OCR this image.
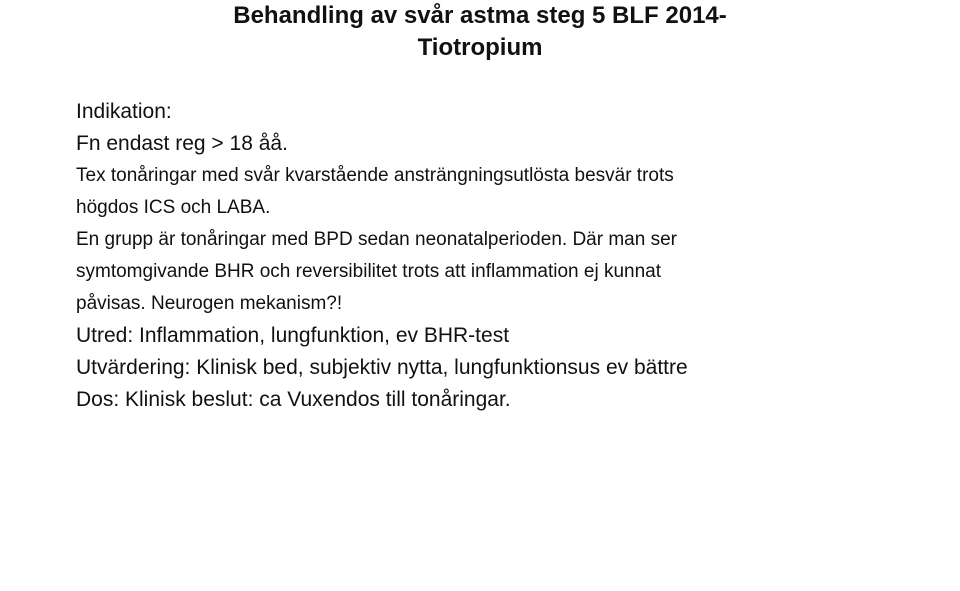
Behandling av svår astma steg 5 BLF 2014-
Tiotropium
Indikation:
Fn endast reg > 18 åå.
Tex tonåringar med svår kvarstående ansträngningsutlösta besvär trots
högdos ICS och LABA.
En grupp är tonåringar med BPD sedan neonatalperioden. Där man ser
symtomgivande BHR och reversibilitet trots att inflammation ej kunnat
påvisas. Neurogen mekanism?!
Utred: Inflammation, lungfunktion, ev BHR-test
Utvärdering: Klinisk bed, subjektiv nytta, lungfunktionsus ev bättre
Dos: Klinisk beslut: ca Vuxendos till tonåringar.
